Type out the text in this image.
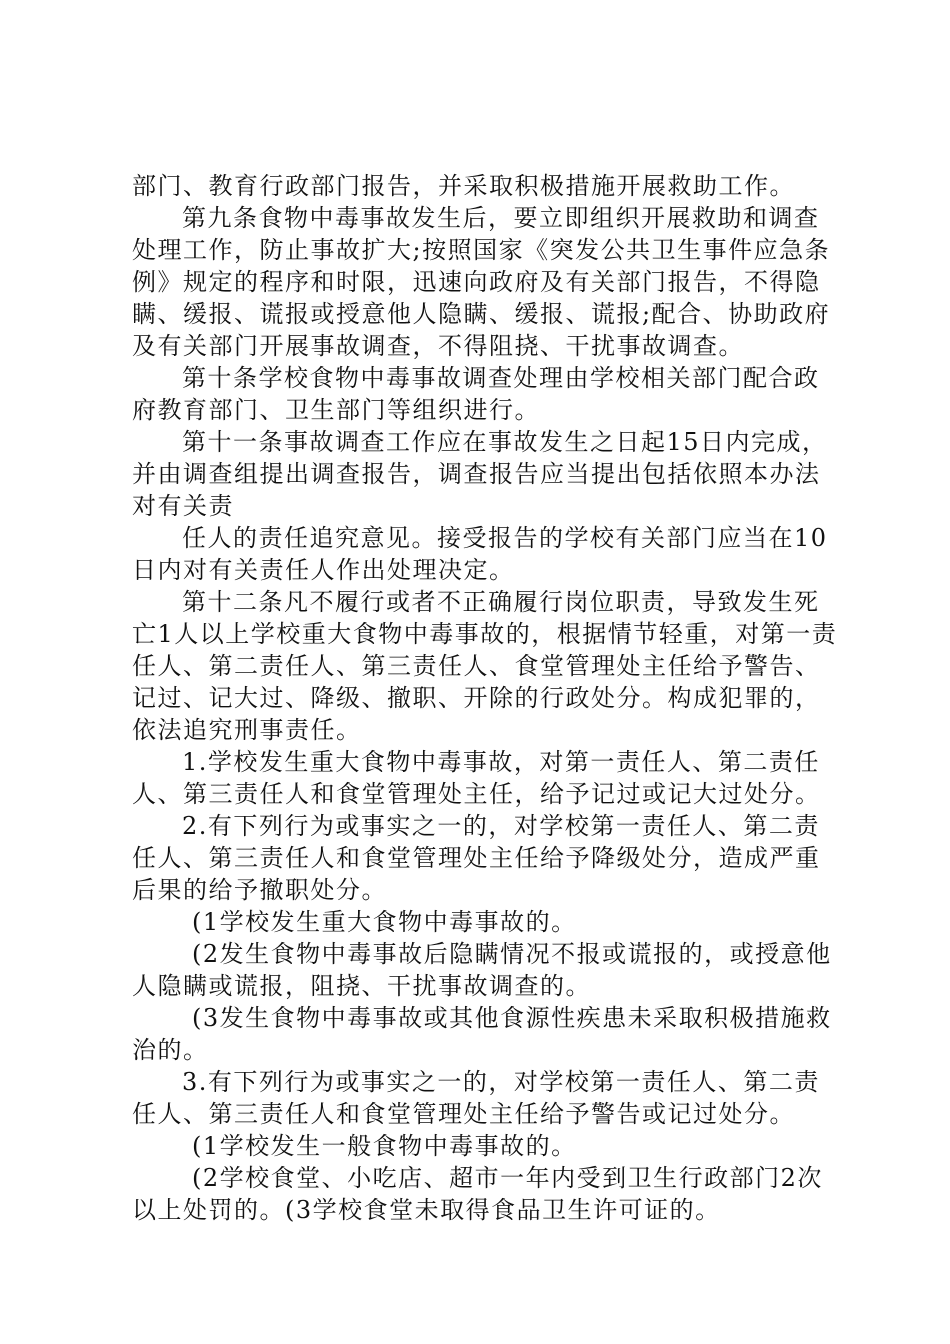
部门、教育行政部门报告，并采取积极措施开展救助工作。

第九条食物中毒事故发生后，要立即组织开展救助和调查处理工作，防止事故扩大;按照国家《突发公共卫生事件应急条例》规定的程序和时限，迅速向政府及有关部门报告，不得隐瞒、缓报、谎报或授意他人隐瞒、缓报、谎报;配合、协助政府及有关部门开展事故调查，不得阻挠、干扰事故调查。

第十条学校食物中毒事故调查处理由学校相关部门配合政府教育部门、卫生部门等组织进行。

第十一条事故调查工作应在事故发生之日起15日内完成，并由调查组提出调查报告，调查报告应当提出包括依照本办法对有关责

任人的责任追究意见。接受报告的学校有关部门应当在10日内对有关责任人作出处理决定。

第十二条凡不履行或者不正确履行岗位职责，导致发生死亡1人以上学校重大食物中毒事故的，根据情节轻重，对第一责任人、第二责任人、第三责任人、食堂管理处主任给予警告、记过、记大过、降级、撤职、开除的行政处分。构成犯罪的，依法追究刑事责任。

1.学校发生重大食物中毒事故，对第一责任人、第二责任人、第三责任人和食堂管理处主任，给予记过或记大过处分。

2.有下列行为或事实之一的，对学校第一责任人、第二责任人、第三责任人和食堂管理处主任给予降级处分，造成严重后果的给予撤职处分。

(1学校发生重大食物中毒事故的。

(2发生食物中毒事故后隐瞒情况不报或谎报的，或授意他人隐瞒或谎报，阻挠、干扰事故调查的。

(3发生食物中毒事故或其他食源性疾患未采取积极措施救治的。

3.有下列行为或事实之一的，对学校第一责任人、第二责任人、第三责任人和食堂管理处主任给予警告或记过处分。

(1学校发生一般食物中毒事故的。

(2学校食堂、小吃店、超市一年内受到卫生行政部门2次以上处罚的。(3学校食堂未取得食品卫生许可证的。
